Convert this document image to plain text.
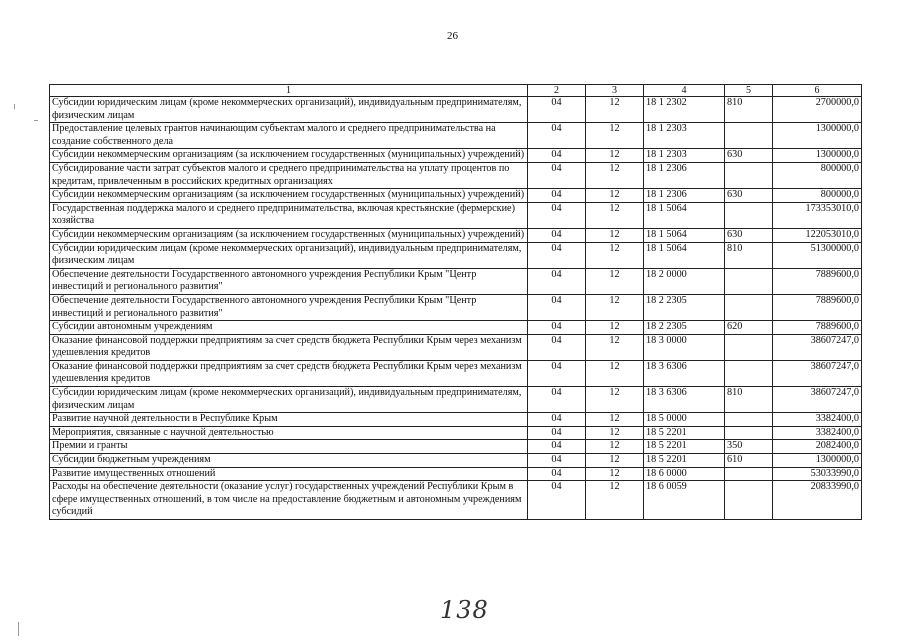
26
1	2	3	4	5	6
Субсидии юридическим лицам (кроме некоммерческих организаций), индивидуальным предпринимателям, физическим лицам	04	12	18 1 2302	810	2700000,0
Предоставление целевых грантов начинающим субъектам малого и среднего предпринимательства на создание собственного дела	04	12	18 1 2303		1300000,0
Субсидии некоммерческим организациям (за исключением государственных (муниципальных) учреждений)	04	12	18 1 2303	630	1300000,0
Субсидирование части затрат субъектов малого и среднего предпринимательства на уплату процентов по кредитам, привлеченным в российских кредитных организациях	04	12	18 1 2306		800000,0
Субсидии некоммерческим организациям (за исключением государственных (муниципальных) учреждений)	04	12	18 1 2306	630	800000,0
Государственная поддержка малого и среднего предпринимательства, включая крестьянские (фермерские) хозяйства	04	12	18 1 5064		173353010,0
Субсидии некоммерческим организациям (за исключением государственных (муниципальных) учреждений)	04	12	18 1 5064	630	122053010,0
Субсидии юридическим лицам (кроме некоммерческих организаций), индивидуальным предпринимателям, физическим лицам	04	12	18 1 5064	810	51300000,0
Обеспечение деятельности Государственного автономного учреждения Республики Крым "Центр инвестиций и регионального развития"	04	12	18 2 0000		7889600,0
Обеспечение деятельности Государственного автономного учреждения Республики Крым "Центр инвестиций и регионального развития"	04	12	18 2 2305		7889600,0
Субсидии автономным учреждениям	04	12	18 2 2305	620	7889600,0
Оказание финансовой поддержки предприятиям за счет средств бюджета Республики Крым через механизм удешевления кредитов	04	12	18 3 0000		38607247,0
Оказание финансовой поддержки предприятиям за счет средств бюджета Республики Крым через механизм удешевления кредитов	04	12	18 3 6306		38607247,0
Субсидии юридическим лицам (кроме некоммерческих организаций), индивидуальным предпринимателям, физическим лицам	04	12	18 3 6306	810	38607247,0
Развитие научной деятельности в Республике Крым	04	12	18 5 0000		3382400,0
Мероприятия, связанные с научной деятельностью	04	12	18 5 2201		3382400,0
Премии и гранты	04	12	18 5 2201	350	2082400,0
Субсидии бюджетным учреждениям	04	12	18 5 2201	610	1300000,0
Развитие имущественных отношений	04	12	18 6 0000		53033990,0
Расходы на обеспечение деятельности (оказание услуг) государственных учреждений Республики Крым в сфере имущественных отношений, в том числе на предоставление бюджетным и автономным учреждениям субсидий	04	12	18 6 0059		20833990,0
138
